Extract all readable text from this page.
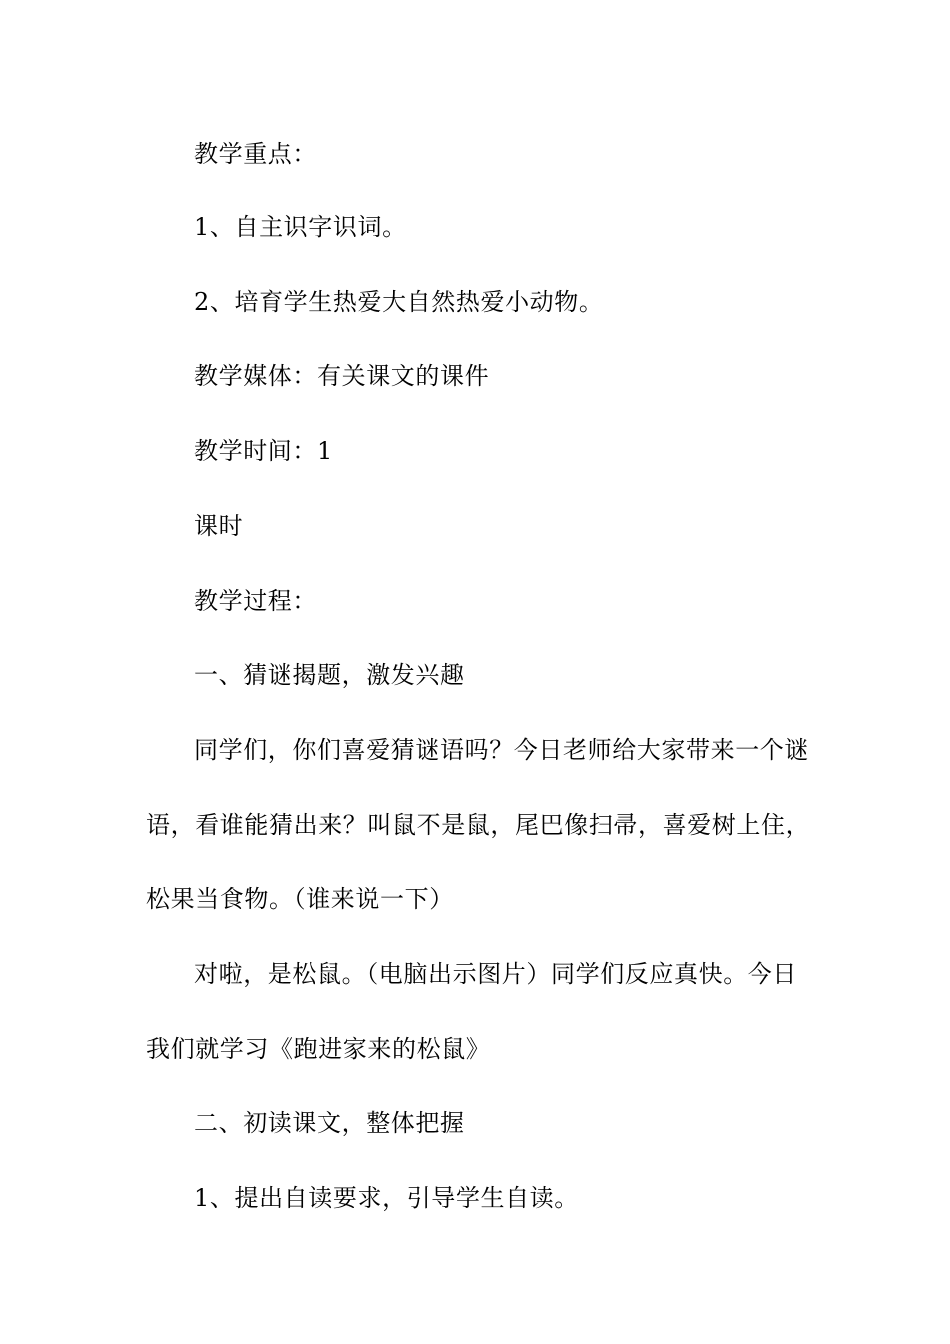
教学重点：
1、自主识字识词。
2、培育学生热爱大自然热爱小动物。
教学媒体：有关课文的课件
教学时间：1
课时
教学过程：
一、猜谜揭题，激发兴趣
同学们，你们喜爱猜谜语吗？今日老师给大家带来一个谜
语，看谁能猜出来？叫鼠不是鼠，尾巴像扫帚，喜爱树上住，
松果当食物。（谁来说一下）
对啦，是松鼠。（电脑出示图片）同学们反应真快。今日
我们就学习《跑进家来的松鼠》
二、初读课文，整体把握
1、提出自读要求，引导学生自读。
